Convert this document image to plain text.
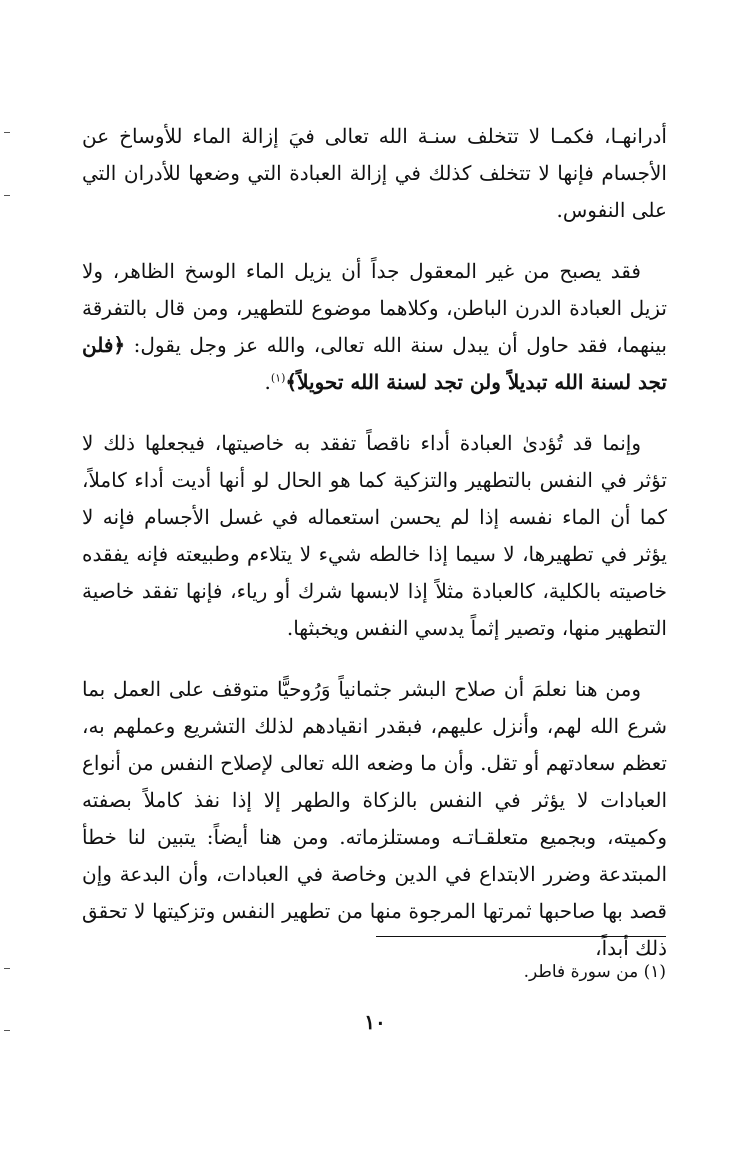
أدرانهـا، فكمـا لا تتخلف سنـة الله تعالى فيَ إزالة الماء للأوساخ عن الأجسام فإنها لا تتخلف كذلك في إزالة العبادة التي وضعها للأدران التي على النفوس.

فقد يصبح من غير المعقول جداً أن يزيل الماء الوسخ الظاهر، ولا تزيل العبادة الدرن الباطن، وكلاهما موضوع للتطهير، ومن قال بالتفرقة بينهما، فقد حاول أن يبدل سنة الله تعالى، والله عز وجل يقول: ﴿فلن تجد لسنة الله تبديلاً ولن تجد لسنة الله تحويلاً﴾$^{(١)}$.

وإنما قد تُؤدىٰ العبادة أداء ناقصاً تفقد به خاصيتها، فيجعلها ذلك لا تؤثر في النفس بالتطهير والتزكية كما هو الحال لو أنها أديت أداء كاملاً، كما أن الماء نفسه إذا لم يحسن استعماله في غسل الأجسام فإنه لا يؤثر في تطهيرها، لا سيما إذا خالطه شيء لا يتلاءم وطبيعته فإنه يفقده خاصيته بالكلية، كالعبادة مثلاً إذا لابسها شرك أو رياء، فإنها تفقد خاصية التطهير منها، وتصير إثماً يدسي النفس ويخبثها.

ومن هنا نعلمَ أن صلاح البشر جثمانياً وَرُوحيًّا متوقف على العمل بما شرع الله لهم، وأنزل عليهم، فبقدر انقيادهم لذلك التشريع وعملهم به، تعظم سعادتهم أو تقل. وأن ما وضعه الله تعالى لإصلاح النفس من أنواع العبادات لا يؤثر في النفس بالزكاة والطهر إلا إذا نفذ كاملاً بصفته وكميته، وبجميع متعلقـاتـه ومستلزماته. ومن هنا أيضاً: يتبين لنا خطأ المبتدعة وضرر الابتداع في الدين وخاصة في العبادات، وأن البدعة وإن قصد بها صاحبها ثمرتها المرجوة منها من تطهير النفس وتزكيتها لا تحقق ذلك أبداً،

(١) من سورة فاطر.
١٠
